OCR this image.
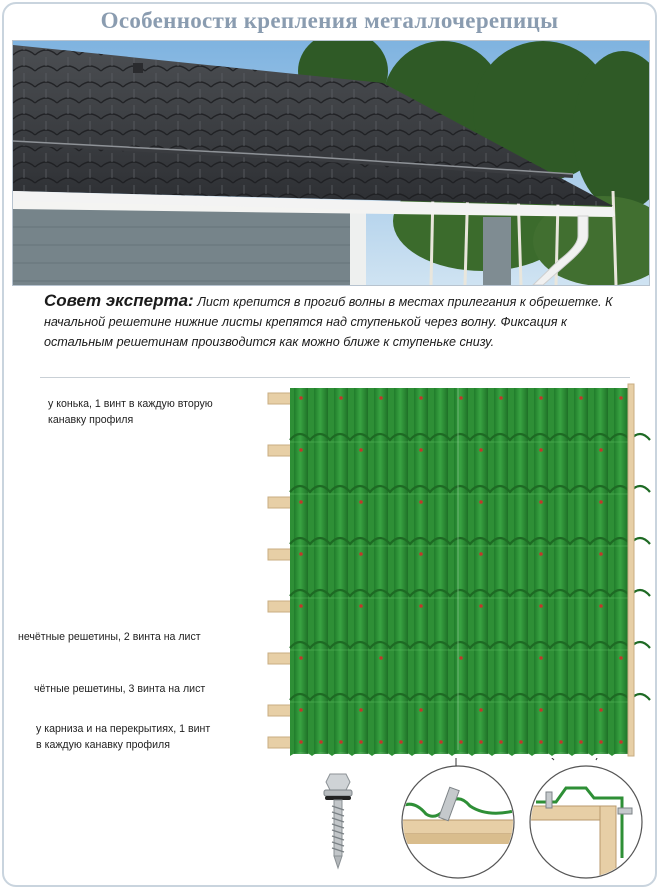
Особенности крепления металлочерепицы
Совет эксперта: Лист крепится в прогиб волны в местах прилегания к обрешетке. К начальной решетине нижние листы крепятся над ступенькой через волну. Фиксация к остальным решетинам производится как можно ближе к ступеньке снизу.
у конька, 1 винт в каждую вторую
канавку профиля
нечётные решетины, 2 винта на лист
чётные решетины, 3 винта на лист
у карниза и на перекрытиях, 1 винт
в каждую канавку профиля
